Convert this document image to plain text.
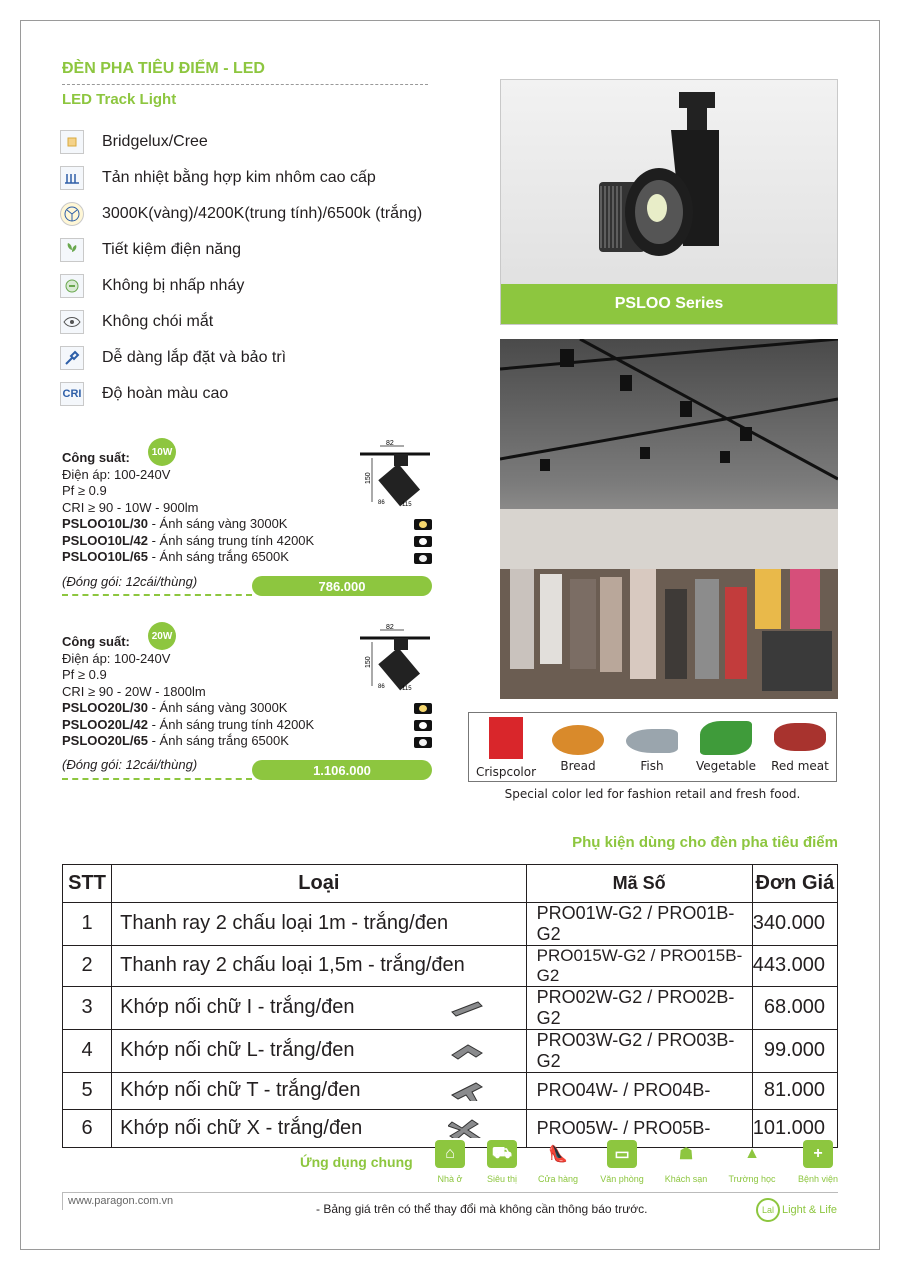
ĐÈN PHA TIÊU ĐIỂM - LED
LED Track Light
Bridgelux/Cree
Tản nhiệt bằng hợp kim nhôm cao cấp
3000K(vàng)/4200K(trung tính)/6500k (trắng)
Tiết kiệm điện năng
Không bị nhấp nháy
Không chói mắt
Dễ dàng lắp đặt và bảo trì
CRI Độ hoàn màu cao
PSLOO Series
Crispcolor	Bread	Fish	Vegetable	Red meat
Special color led for fashion retail and fresh food.
Công suất:
Điện áp: 100-240V
Pf ≥ 0.9
CRI ≥ 90 - 10W - 900lm
PSLOO10L/30 - Ánh sáng vàng 3000K
PSLOO10L/42 - Ánh sáng trung tính 4200K
PSLOO10L/65 - Ánh sáng trắng 6500K
10W
82
150
86	115
(Đóng gói: 12cái/thùng)	786.000
Công suất:
Điện áp: 100-240V
Pf ≥ 0.9
CRI ≥ 90 - 20W - 1800lm
PSLOO20L/30 - Ánh sáng vàng 3000K
PSLOO20L/42 - Ánh sáng trung tính 4200K
PSLOO20L/65 - Ánh sáng trắng 6500K
20W
82
150
86	115
(Đóng gói: 12cái/thùng)	1.106.000
Phụ kiện dùng cho đèn pha tiêu điểm
STT	Loại	Mã Số	Đơn Giá
1	Thanh ray 2 chấu loại 1m - trắng/đen	PRO01W-G2 / PRO01B-G2	340.000
2	Thanh ray 2 chấu loại 1,5m - trắng/đen	PRO015W-G2 / PRO015B-G2	443.000
3	Khớp nối chữ I - trắng/đen	PRO02W-G2 / PRO02B-G2	68.000
4	Khớp nối chữ L- trắng/đen	PRO03W-G2 / PRO03B-G2	99.000
5	Khớp nối chữ T - trắng/đen	PRO04W- / PRO04B-	81.000
6	Khớp nối chữ X - trắng/đen	PRO05W- / PRO05B-	101.000
Ứng dụng chung	⌂
Nhà ở
⛟
Siêu thị
👠
Cửa hàng
▭
Văn phòng
☗
Khách sạn
▲
Trường học
+
Bệnh viện
www.paragon.com.vn
- Bảng giá trên có thể thay đổi mà không cần thông báo trước.	Lal Light & Life
